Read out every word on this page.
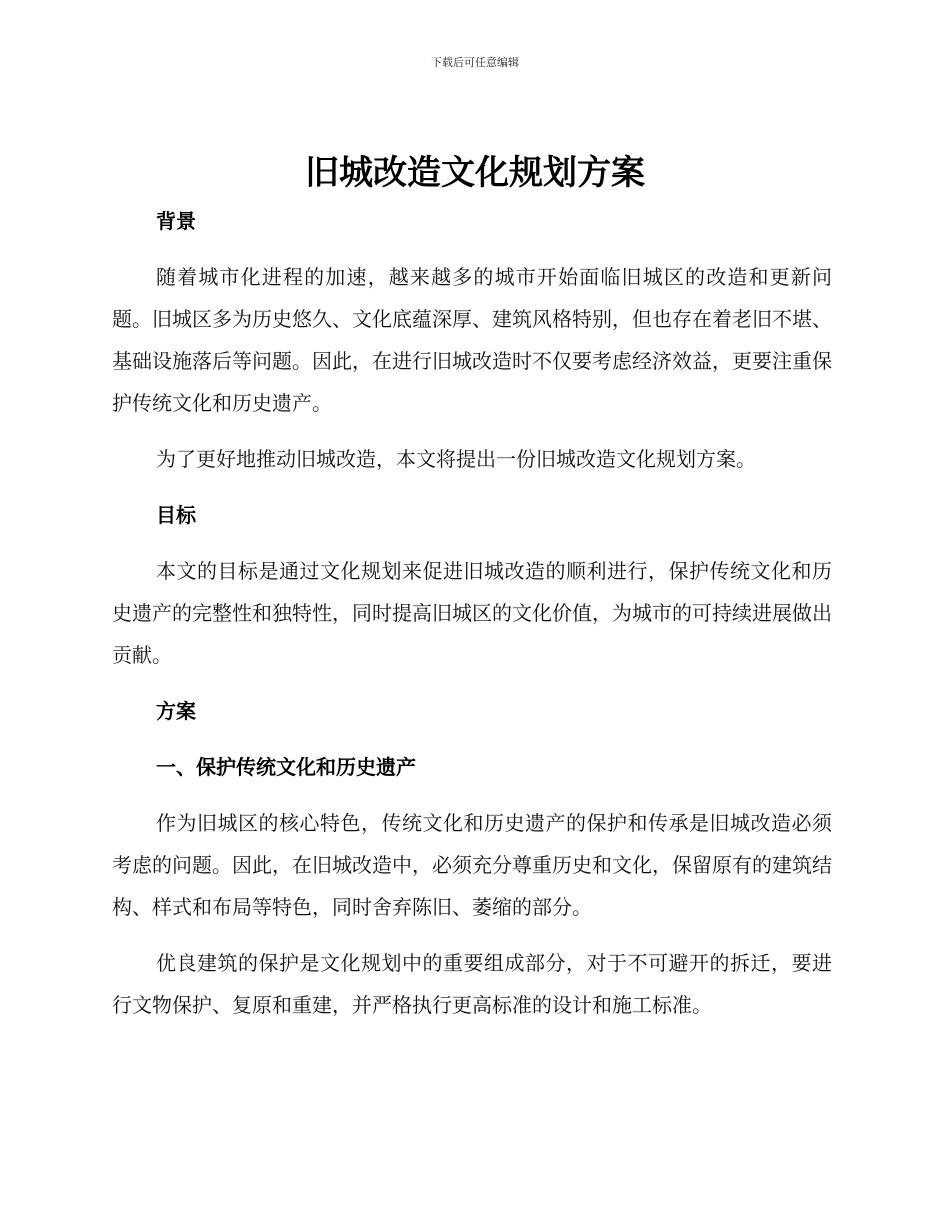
下载后可任意编辑
旧城改造文化规划方案
背景

随着城市化进程的加速，越来越多的城市开始面临旧城区的改造和更新问题。旧城区多为历史悠久、文化底蕴深厚、建筑风格特别，但也存在着老旧不堪、基础设施落后等问题。因此，在进行旧城改造时不仅要考虑经济效益，更要注重保护传统文化和历史遗产。

为了更好地推动旧城改造，本文将提出一份旧城改造文化规划方案。

目标

本文的目标是通过文化规划来促进旧城改造的顺利进行，保护传统文化和历史遗产的完整性和独特性，同时提高旧城区的文化价值，为城市的可持续进展做出贡献。

方案
一、保护传统文化和历史遗产

作为旧城区的核心特色，传统文化和历史遗产的保护和传承是旧城改造必须考虑的问题。因此，在旧城改造中，必须充分尊重历史和文化，保留原有的建筑结构、样式和布局等特色，同时舍弃陈旧、萎缩的部分。

优良建筑的保护是文化规划中的重要组成部分，对于不可避开的拆迁，要进行文物保护、复原和重建，并严格执行更高标准的设计和施工标准。
